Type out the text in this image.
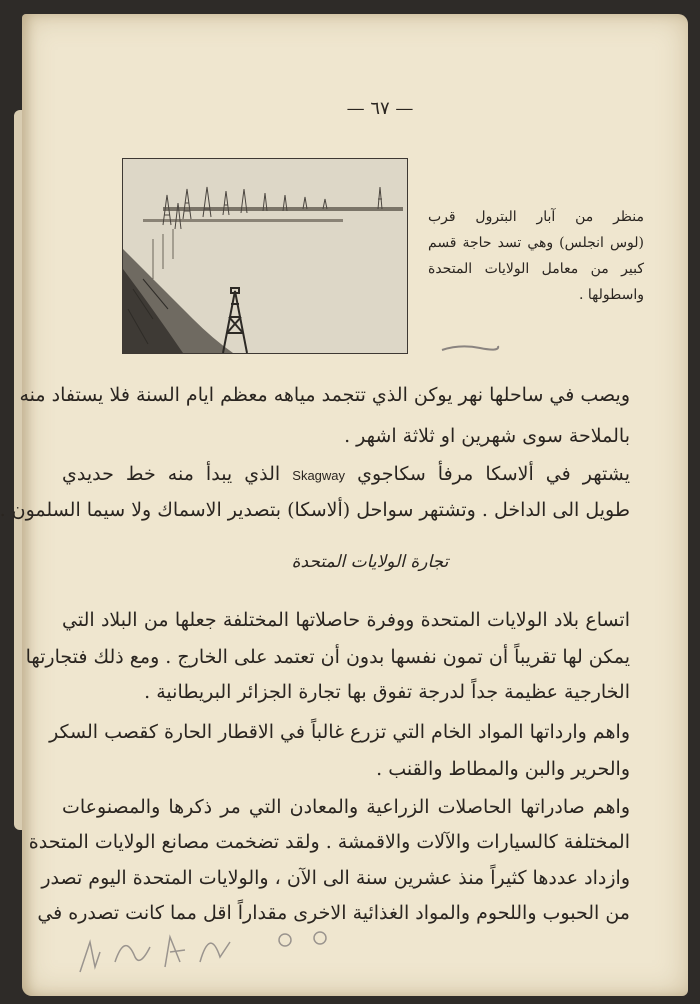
— ٦٧ —
منظر من آبار البترول قرب
(لوس انجلس) وهي تسد حاجة قسم
كبير من معامل الولايات المتحدة
واسطولها .
ويصب في ساحلها نهر يوكن الذي تتجمد مياهه معظم ايام السنة فلا يستفاد منه
بالملاحة سوى شهرين او ثلاثة اشهر .
يشتهر في ألاسكا مرفأ سكاجوي Skagway الذي يبدأ منه خط حديدي
طويل الى الداخل . وتشتهر سواحل (ألاسكا) بتصدير الاسماك ولا سيما السلمون .
تجارة الولايات المتحدة
اتساع بلاد الولايات المتحدة ووفرة حاصلاتها المختلفة جعلها من البلاد التي
يمكن لها تقريباً أن تمون نفسها بدون أن تعتمد على الخارج . ومع ذلك فتجارتها
الخارجية عظيمة جداً لدرجة تفوق بها تجارة الجزائر البريطانية .
واهم وارداتها المواد الخام التي تزرع غالباً في الاقطار الحارة كقصب السكر
والحرير والبن والمطاط والقنب .
واهم صادراتها الحاصلات الزراعية والمعادن التي مر ذكرها والمصنوعات
المختلفة كالسيارات والآلات والاقمشة . ولقد تضخمت مصانع الولايات المتحدة
وازداد عددها كثيراً منذ عشرين سنة الى الآن ، والولايات المتحدة اليوم تصدر
من الحبوب واللحوم والمواد الغذائية الاخرى مقداراً اقل مما كانت تصدره في
